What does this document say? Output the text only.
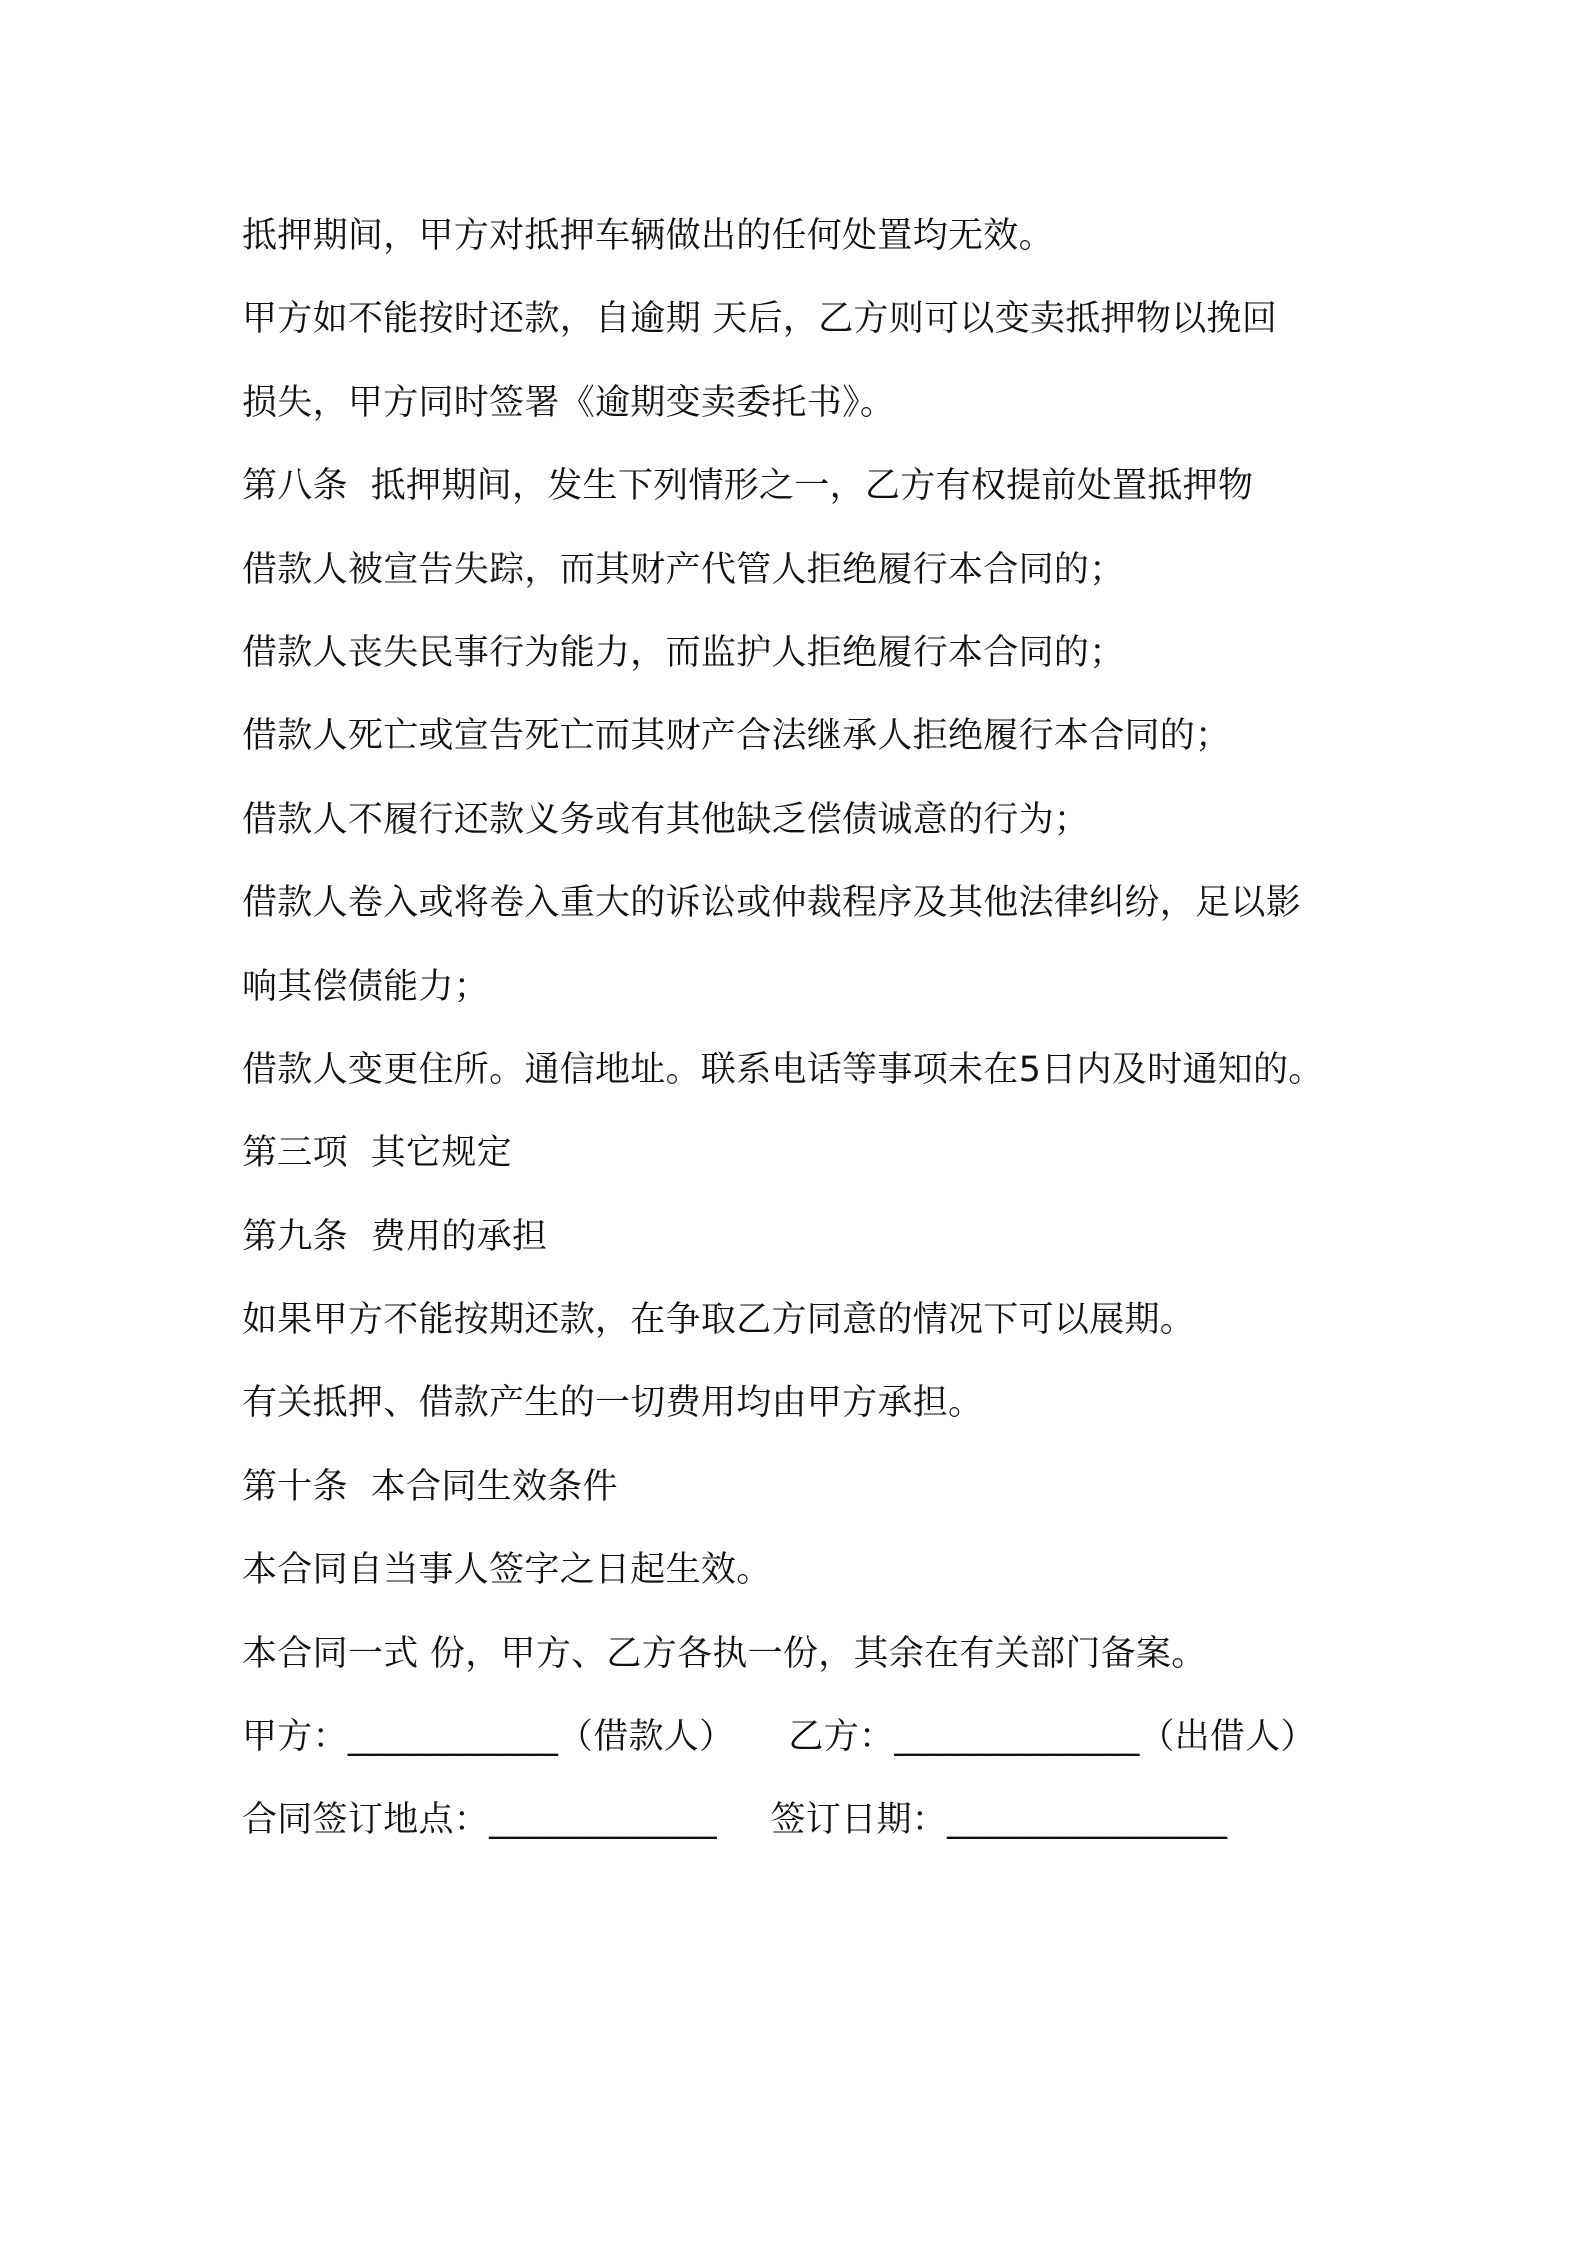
抵押期间，甲方对抵押车辆做出的任何处置均无效。
甲方如不能按时还款，自逾期 天后，乙方则可以变卖抵押物以挽回
损失，甲方同时签署《逾期变卖委托书》。
第八条  抵押期间，发生下列情形之一，乙方有权提前处置抵押物
借款人被宣告失踪，而其财产代管人拒绝履行本合同的；
借款人丧失民事行为能力，而监护人拒绝履行本合同的；
借款人死亡或宣告死亡而其财产合法继承人拒绝履行本合同的；
借款人不履行还款义务或有其他缺乏偿债诚意的行为；
借款人卷入或将卷入重大的诉讼或仲裁程序及其他法律纠纷，足以影
响其偿债能力；
借款人变更住所。通信地址。联系电话等事项未在5日内及时通知的。
第三项  其它规定
第九条  费用的承担
如果甲方不能按期还款，在争取乙方同意的情况下可以展期。
有关抵押、借款产生的一切费用均由甲方承担。
第十条  本合同生效条件
本合同自当事人签字之日起生效。
本合同一式 份，甲方、乙方各执一份，其余在有关部门备案。
甲方：____________（借款人） 乙方：______________（出借人）
合同签订地点：_____________ 签订日期：________________
